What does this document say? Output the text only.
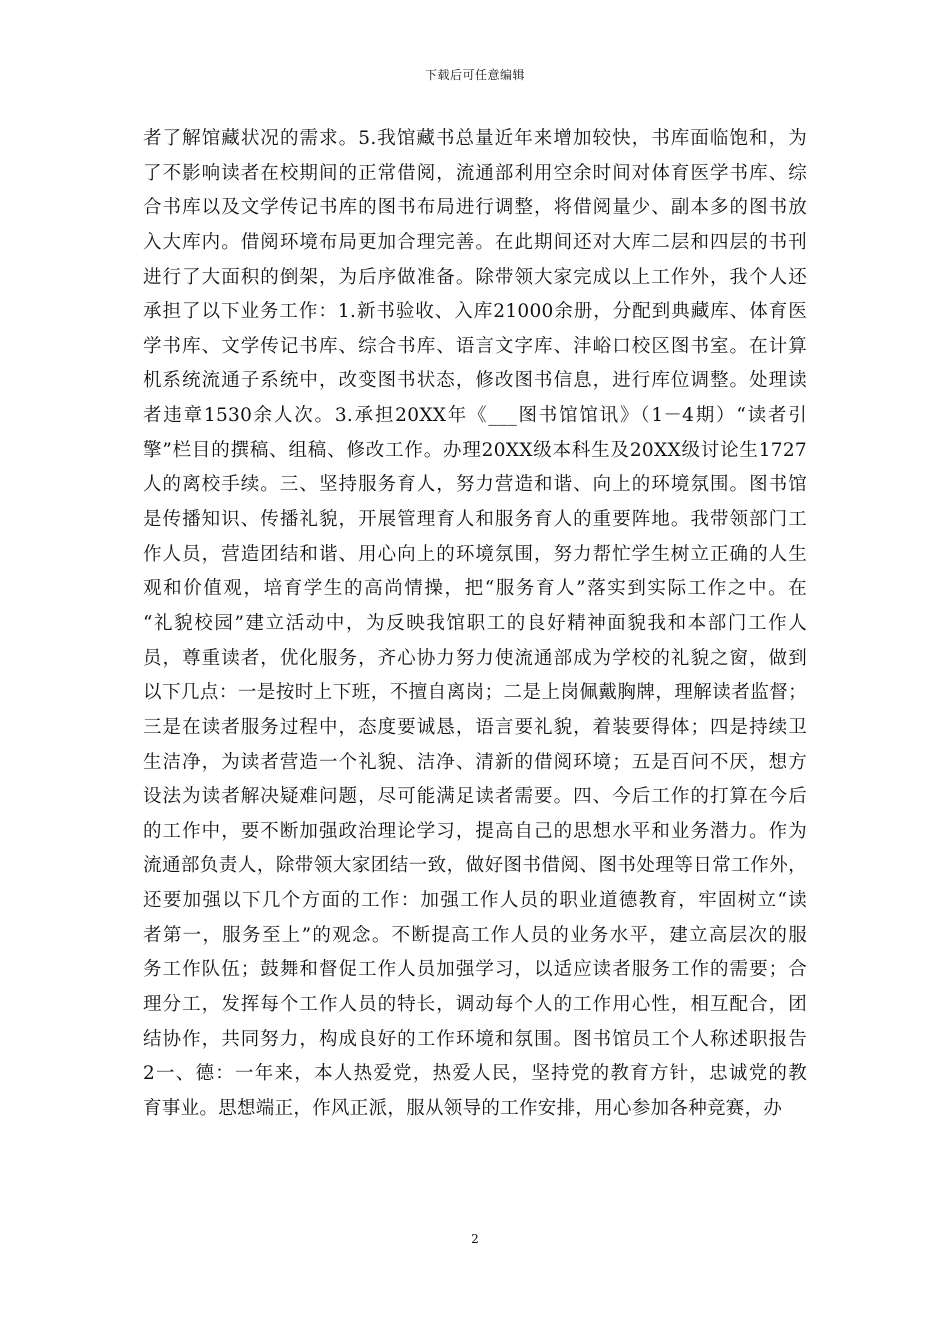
下载后可任意编辑
者了解馆藏状况的需求。5.我馆藏书总量近年来增加较快，书库面临饱和，为
了不影响读者在校期间的正常借阅，流通部利用空余时间对体育医学书库、综
合书库以及文学传记书库的图书布局进行调整，将借阅量少、副本多的图书放
入大库内。借阅环境布局更加合理完善。在此期间还对大库二层和四层的书刊
进行了大面积的倒架，为后序做准备。除带领大家完成以上工作外，我个人还
承担了以下业务工作：1.新书验收、入库21000余册，分配到典藏库、体育医
学书库、文学传记书库、综合书库、语言文字库、沣峪口校区图书室。在计算
机系统流通子系统中，改变图书状态，修改图书信息，进行库位调整。处理读
者违章1530余人次。3.承担20XX年《___图书馆馆讯》（1－4期）“读者引
擎”栏目的撰稿、组稿、修改工作。办理20XX级本科生及20XX级讨论生1727
人的离校手续。三、坚持服务育人，努力营造和谐、向上的环境氛围。图书馆
是传播知识、传播礼貌，开展管理育人和服务育人的重要阵地。我带领部门工
作人员，营造团结和谐、用心向上的环境氛围，努力帮忙学生树立正确的人生
观和价值观，培育学生的高尚情操，把“服务育人”落实到实际工作之中。在
“礼貌校园”建立活动中，为反映我馆职工的良好精神面貌我和本部门工作人
员，尊重读者，优化服务，齐心协力努力使流通部成为学校的礼貌之窗，做到
以下几点：一是按时上下班，不擅自离岗；二是上岗佩戴胸牌，理解读者监督；
三是在读者服务过程中，态度要诚恳，语言要礼貌，着装要得体；四是持续卫
生洁净，为读者营造一个礼貌、洁净、清新的借阅环境；五是百问不厌，想方
设法为读者解决疑难问题，尽可能满足读者需要。四、今后工作的打算在今后
的工作中，要不断加强政治理论学习，提高自己的思想水平和业务潜力。作为
流通部负责人，除带领大家团结一致，做好图书借阅、图书处理等日常工作外，
还要加强以下几个方面的工作：加强工作人员的职业道德教育，牢固树立“读
者第一，服务至上”的观念。不断提高工作人员的业务水平，建立高层次的服
务工作队伍；鼓舞和督促工作人员加强学习，以适应读者服务工作的需要；合
理分工，发挥每个工作人员的特长，调动每个人的工作用心性，相互配合，团
结协作，共同努力，构成良好的工作环境和氛围。图书馆员工个人称述职报告
2一、德：一年来，本人热爱党，热爱人民，坚持党的教育方针，忠诚党的教
育事业。思想端正，作风正派，服从领导的工作安排，用心参加各种竞赛，办
2
